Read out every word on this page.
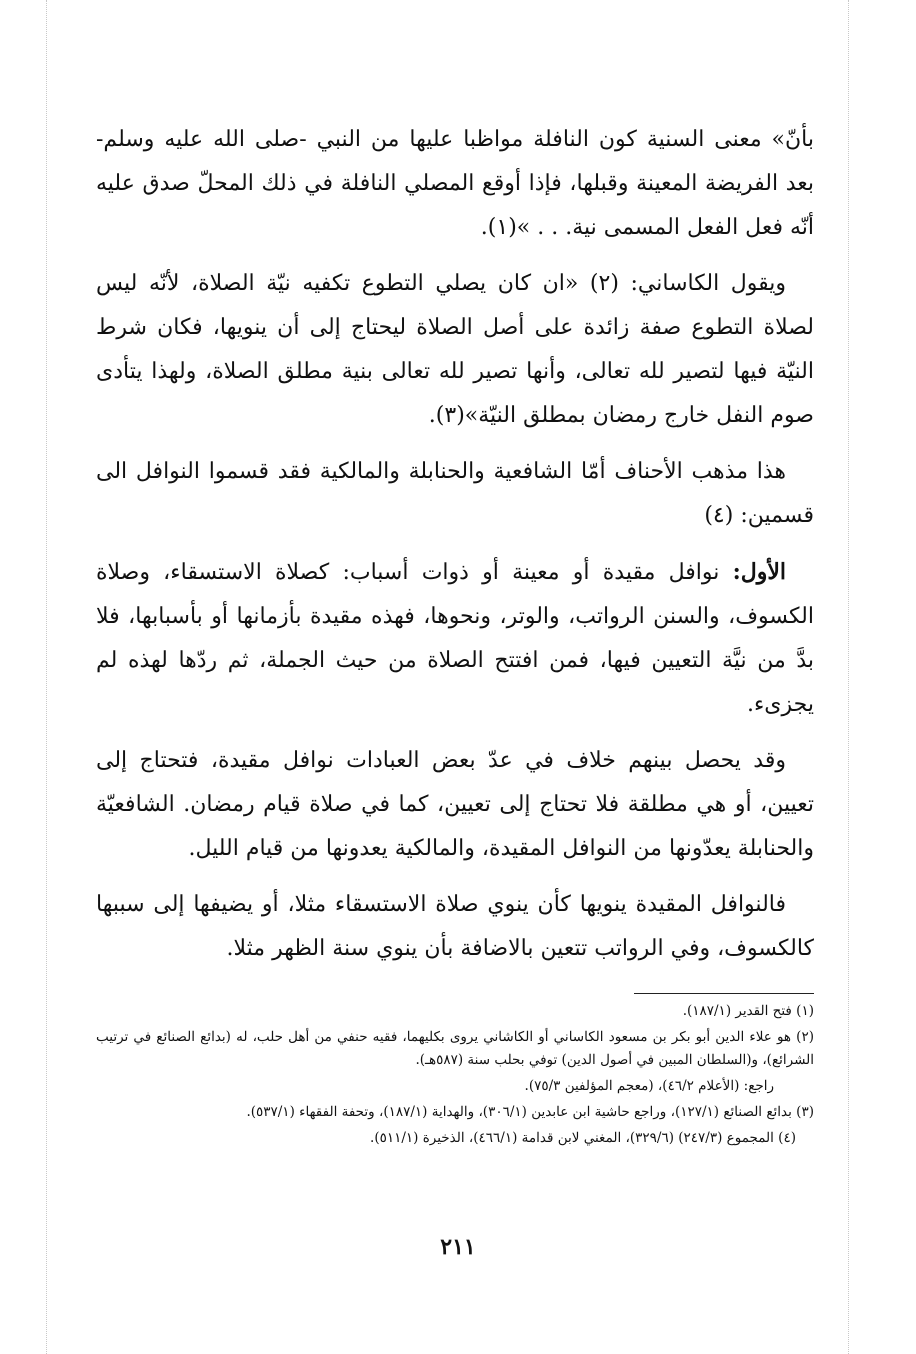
بأنّ» معنى السنية كون النافلة مواظبا عليها من النبي -صلى الله عليه وسلم- بعد الفريضة المعينة وقبلها، فإذا أوقع المصلي النافلة في ذلك المحلّ صدق عليه أنّه فعل الفعل المسمى نية. . . »(١).

ويقول الكاساني: (٢) «ان كان يصلي التطوع تكفيه نيّة الصلاة، لأنّه ليس لصلاة التطوع صفة زائدة على أصل الصلاة ليحتاج إلى أن ينويها، فكان شرط النيّة فيها لتصير لله تعالى، وأنها تصير لله تعالى بنية مطلق الصلاة، ولهذا يتأدى صوم النفل خارج رمضان بمطلق النيّة»(٣).

هذا مذهب الأحناف أمّا الشافعية والحنابلة والمالكية فقد قسموا النوافل الى قسمين: (٤)

الأول: نوافل مقيدة أو معينة أو ذوات أسباب: كصلاة الاستسقاء، وصلاة الكسوف، والسنن الرواتب، والوتر، ونحوها، فهذه مقيدة بأزمانها أو بأسبابها، فلا بدَّ من نيَّة التعيين فيها، فمن افتتح الصلاة من حيث الجملة، ثم ردّها لهذه لم يجزىء.

وقد يحصل بينهم خلاف في عدّ بعض العبادات نوافل مقيدة، فتحتاج إلى تعيين، أو هي مطلقة فلا تحتاج إلى تعيين، كما في صلاة قيام رمضان. الشافعيّة والحنابلة يعدّونها من النوافل المقيدة، والمالكية يعدونها من قيام الليل.

فالنوافل المقيدة ينويها كأن ينوي صلاة الاستسقاء مثلا، أو يضيفها إلى سببها كالكسوف، وفي الرواتب تتعين بالاضافة بأن ينوي سنة الظهر مثلا.

(١) فتح القدير (١٨٧/١).

(٢) هو علاء الدين أبو بكر بن مسعود الكاساني أو الكاشاني يروى بكليهما، فقيه حنفي من أهل حلب، له (بدائع الصنائع في ترتيب الشرائع)، و(السلطان المبين في أصول الدين) توفي بحلب سنة (٥٨٧هـ).

راجع: (الأعلام ٤٦/٢)، (معجم المؤلفين ٧٥/٣).

(٣) بدائع الصنائع (١٢٧/١)، وراجع حاشية ابن عابدين (٣٠٦/١)، والهداية (١٨٧/١)، وتحفة الفقهاء (٥٣٧/١).

(٤) المجموع (٢٤٧/٣) (٣٢٩/٦)، المغني لابن قدامة (٤٦٦/١)، الذخيرة (٥١١/١).

٢١١
